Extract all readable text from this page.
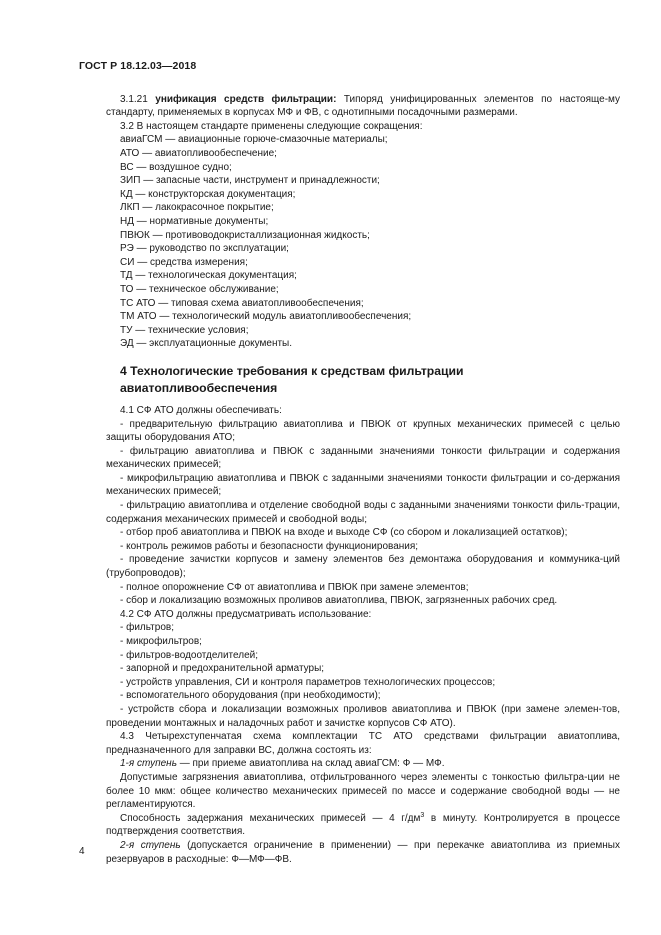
ГОСТ Р 18.12.03—2018

3.1.21 унификация средств фильтрации: Типоряд унифицированных элементов по настояще-му стандарту, применяемых в корпусах МФ и ФВ, с однотипными посадочными размерами.

3.2 В настоящем стандарте применены следующие сокращения:

авиаГСМ — авиационные горюче-смазочные материалы;

АТО — авиатопливообеспечение;

ВС — воздушное судно;

ЗИП — запасные части, инструмент и принадлежности;

КД — конструкторская документация;

ЛКП — лакокрасочное покрытие;

НД — нормативные документы;

ПВЮК — противоводокристаллизационная жидкость;

РЭ — руководство по эксплуатации;

СИ — средства измерения;

ТД — технологическая документация;

ТО — техническое обслуживание;

ТС АТО — типовая схема авиатопливообеспечения;

ТМ АТО — технологический модуль авиатопливообеспечения;

ТУ — технические условия;

ЭД — эксплуатационные документы.

4 Технологические требования к средствам фильтрации
авиатопливообеспечения

4.1 СФ АТО должны обеспечивать:

- предварительную фильтрацию авиатоплива и ПВЮК от крупных механических примесей с целью защиты оборудования АТО;

- фильтрацию авиатоплива и ПВЮК с заданными значениями тонкости фильтрации и содержания механических примесей;

- микрофильтрацию авиатоплива и ПВЮК с заданными значениями тонкости фильтрации и со-держания механических примесей;

- фильтрацию авиатоплива и отделение свободной воды с заданными значениями тонкости филь-трации, содержания механических примесей и свободной воды;

- отбор проб авиатоплива и ПВЮК на входе и выходе СФ (со сбором и локализацией остатков);

- контроль режимов работы и безопасности функционирования;

- проведение зачистки корпусов и замену элементов без демонтажа оборудования и коммуника-ций (трубопроводов);

- полное опорожнение СФ от авиатоплива и ПВЮК при замене элементов;

- сбор и локализацию возможных проливов авиатоплива, ПВЮК, загрязненных рабочих сред.

4.2 СФ АТО должны предусматривать использование:

- фильтров;

- микрофильтров;

- фильтров-водоотделителей;

- запорной и предохранительной арматуры;

- устройств управления, СИ и контроля параметров технологических процессов;

- вспомогательного оборудования (при необходимости);

- устройств сбора и локализации возможных проливов авиатоплива и ПВЮК (при замене элемен-тов, проведении монтажных и наладочных работ и зачистке корпусов СФ АТО).

4.3 Четырехступенчатая схема комплектации ТС АТО средствами фильтрации авиатоплива, предназначенного для заправки ВС, должна состоять из:

1-я ступень — при приеме авиатоплива на склад авиаГСМ: Ф — МФ.

Допустимые загрязнения авиатоплива, отфильтрованного через элементы с тонкостью фильтра-ции не более 10 мкм: общее количество механических примесей по массе и содержание свободной воды — не регламентируются.

Способность задержания механических примесей — 4 $г/дм^3$ в минуту. Контролируется в процессе подтверждения соответствия.

2-я ступень (допускается ограничение в применении) — при перекачке авиатоплива из приемных резервуаров в расходные: Ф—МФ—ФВ.

4
